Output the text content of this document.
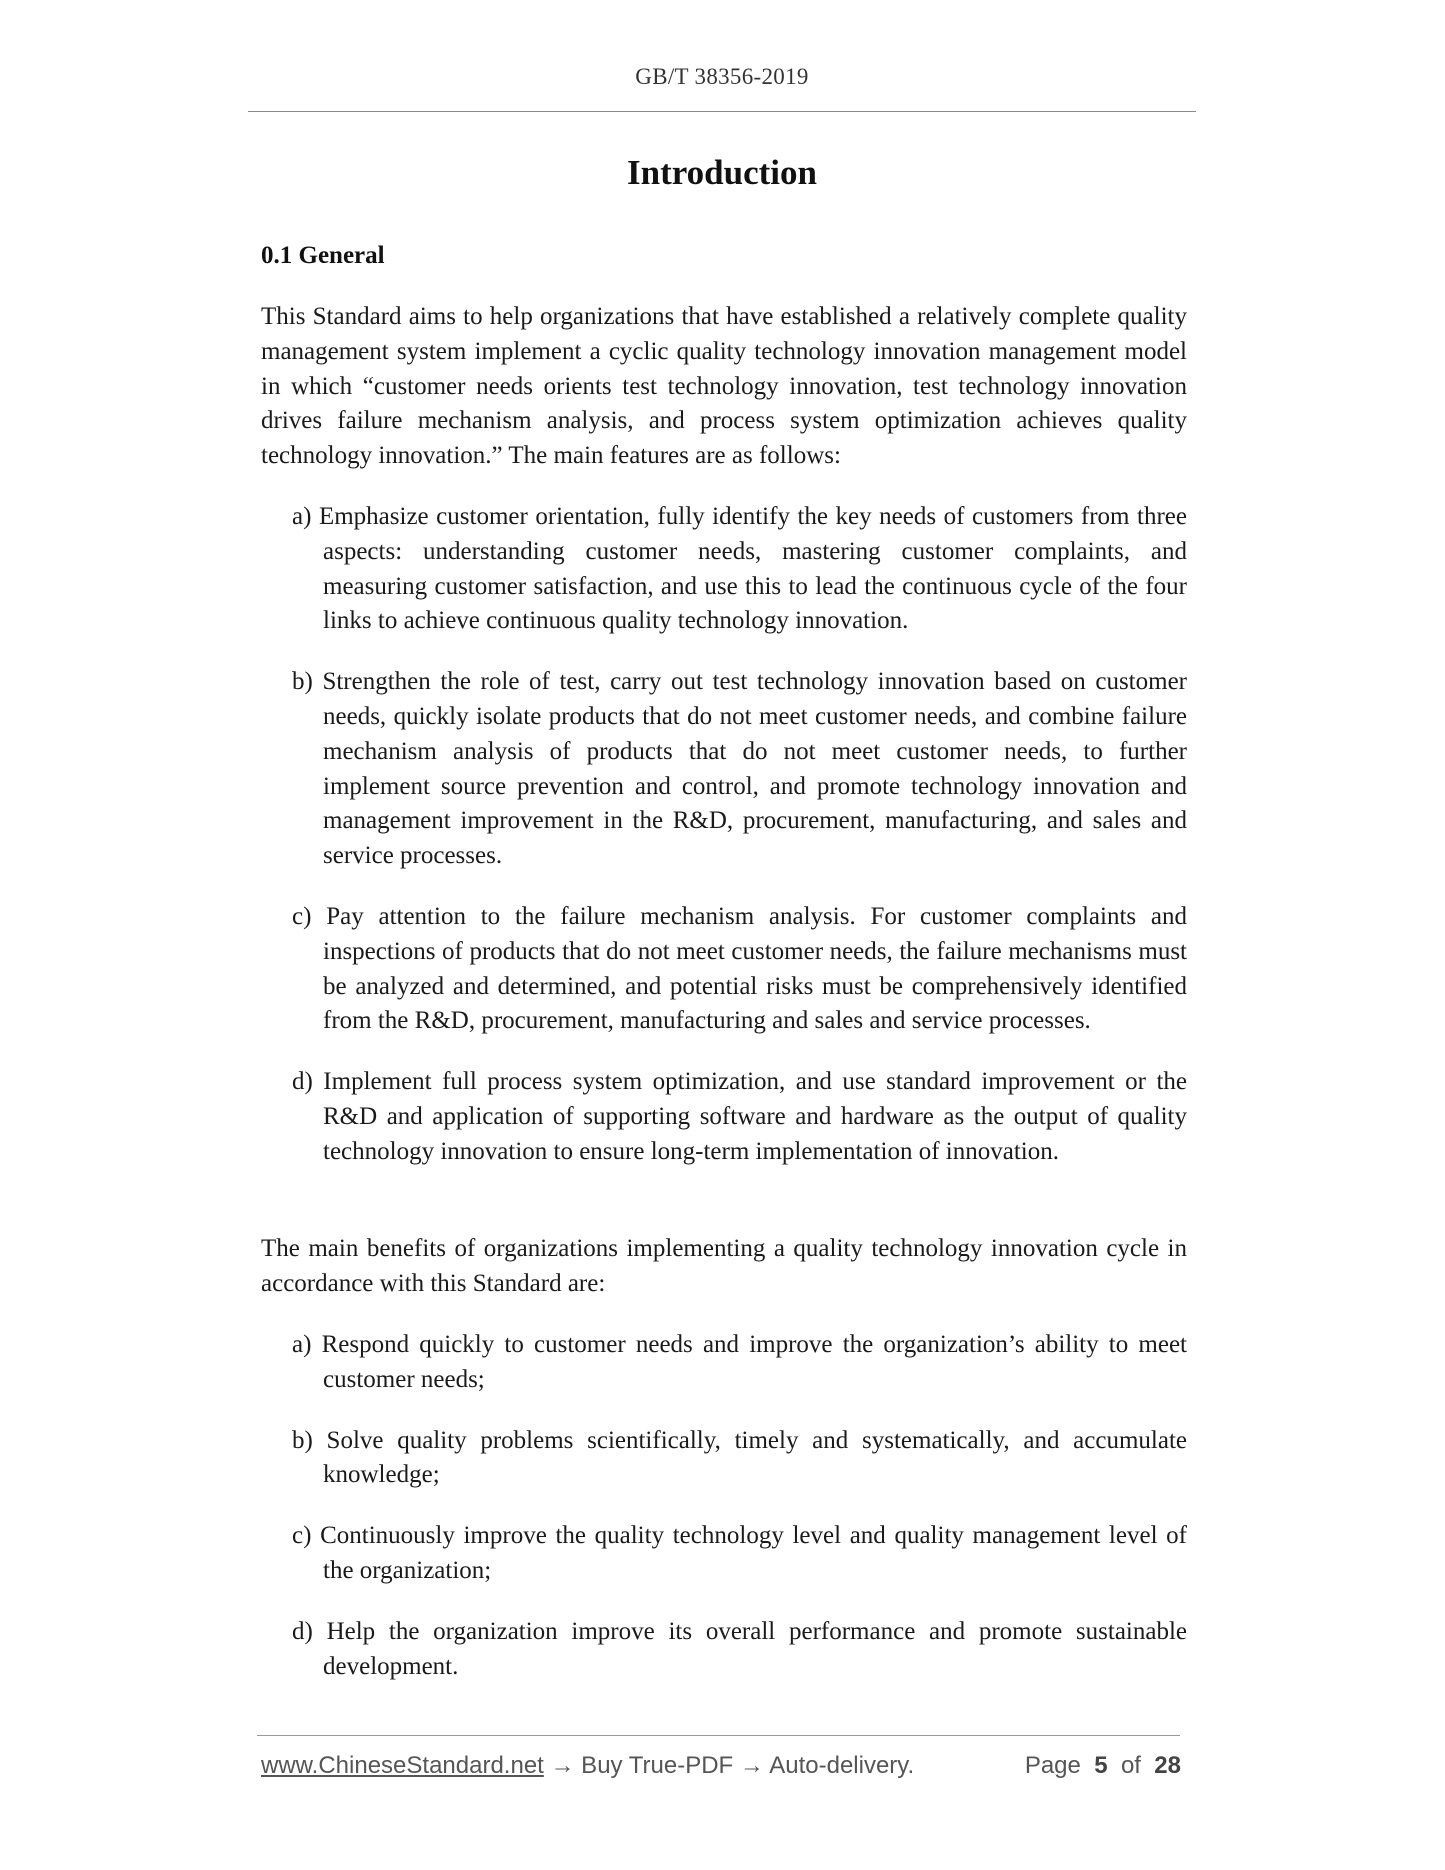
GB/T 38356-2019
Introduction
0.1 General
This Standard aims to help organizations that have established a relatively complete quality management system implement a cyclic quality technology innovation management model in which “customer needs orients test technology innovation, test technology innovation drives failure mechanism analysis, and process system optimization achieves quality technology innovation.” The main features are as follows:
a) Emphasize customer orientation, fully identify the key needs of customers from three aspects: understanding customer needs, mastering customer complaints, and measuring customer satisfaction, and use this to lead the continuous cycle of the four links to achieve continuous quality technology innovation.
b) Strengthen the role of test, carry out test technology innovation based on customer needs, quickly isolate products that do not meet customer needs, and combine failure mechanism analysis of products that do not meet customer needs, to further implement source prevention and control, and promote technology innovation and management improvement in the R&D, procurement, manufacturing, and sales and service processes.
c) Pay attention to the failure mechanism analysis. For customer complaints and inspections of products that do not meet customer needs, the failure mechanisms must be analyzed and determined, and potential risks must be comprehensively identified from the R&D, procurement, manufacturing and sales and service processes.
d) Implement full process system optimization, and use standard improvement or the R&D and application of supporting software and hardware as the output of quality technology innovation to ensure long-term implementation of innovation.
The main benefits of organizations implementing a quality technology innovation cycle in accordance with this Standard are:
a) Respond quickly to customer needs and improve the organization’s ability to meet customer needs;
b) Solve quality problems scientifically, timely and systematically, and accumulate knowledge;
c) Continuously improve the quality technology level and quality management level of the organization;
d) Help the organization improve its overall performance and promote sustainable development.
www.ChineseStandard.net → Buy True-PDF → Auto-delivery.	Page 5 of 28
